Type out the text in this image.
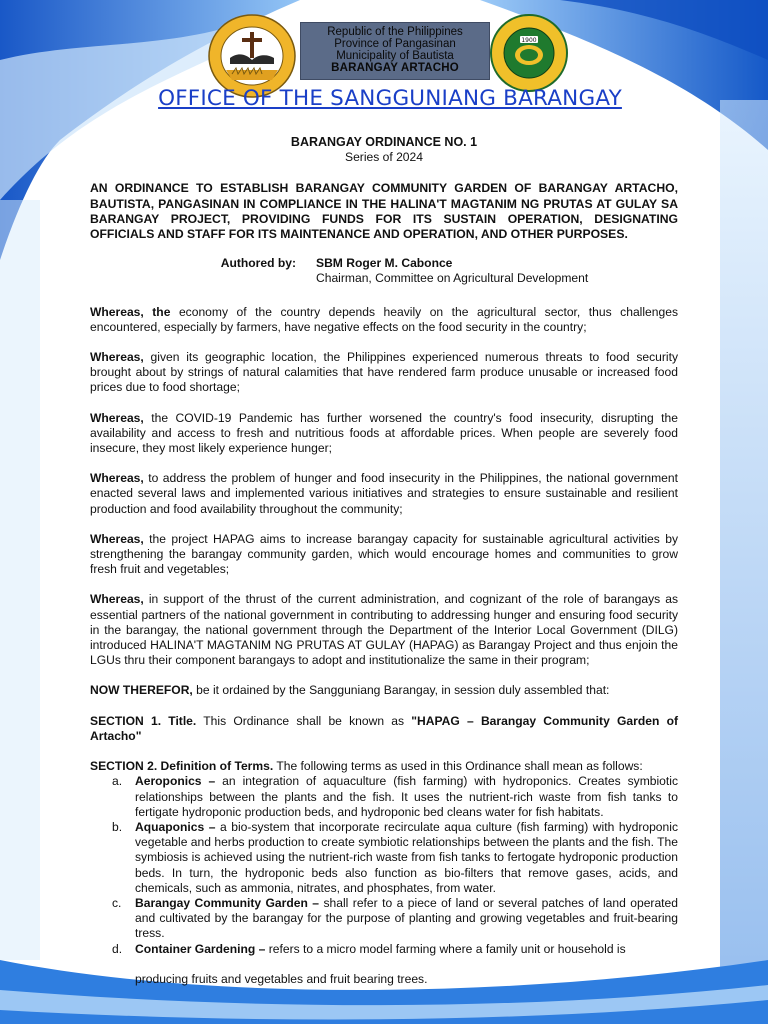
Republic of the Philippines
Province of Pangasinan
Municipality of Bautista
BARANGAY ARTACHO
1900
OFFICE OF THE SANGGUNIANG BARANGAY
BARANGAY ORDINANCE NO. 1
Series of 2024
AN ORDINANCE TO ESTABLISH BARANGAY COMMUNITY GARDEN OF BARANGAY ARTACHO, BAUTISTA, PANGASINAN IN COMPLIANCE IN THE HALINA'T MAGTANIM NG PRUTAS AT GULAY SA BARANGAY PROJECT, PROVIDING FUNDS FOR ITS SUSTAIN OPERATION, DESIGNATING OFFICIALS AND STAFF FOR ITS MAINTENANCE AND OPERATION, AND OTHER PURPOSES.
Authored by:	SBM Roger M. Cabonce
Chairman, Committee on Agricultural Development
Whereas, the economy of the country depends heavily on the agricultural sector, thus challenges encountered, especially by farmers, have negative effects on the food security in the country;
Whereas, given its geographic location, the Philippines experienced numerous threats to food security brought about by strings of natural calamities that have rendered farm produce unusable or increased food prices due to food shortage;
Whereas, the COVID-19 Pandemic has further worsened the country's food insecurity, disrupting the availability and access to fresh and nutritious foods at affordable prices. When people are severely food insecure, they most likely experience hunger;
Whereas, to address the problem of hunger and food insecurity in the Philippines, the national government enacted several laws and implemented various initiatives and strategies to ensure sustainable and resilient production and food availability throughout the community;
Whereas, the project HAPAG aims to increase barangay capacity for sustainable agricultural activities by strengthening the barangay community garden, which would encourage homes and communities to grow fresh fruit and vegetables;
Whereas, in support of the thrust of the current administration, and cognizant of the role of barangays as essential partners of the national government in contributing to addressing hunger and ensuring food security in the barangay, the national government through the Department of the Interior Local Government (DILG) introduced HALINA'T MAGTANIM NG PRUTAS AT GULAY (HAPAG) as Barangay Project and thus enjoin the LGUs thru their component barangays to adopt and institutionalize the same in their program;
NOW THEREFOR, be it ordained by the Sangguniang Barangay, in session duly assembled that:
SECTION 1. Title. This Ordinance shall be known as "HAPAG – Barangay Community Garden of Artacho"
SECTION 2. Definition of Terms. The following terms as used in this Ordinance shall mean as follows:
a.	Aeroponics – an integration of aquaculture (fish farming) with hydroponics. Creates symbiotic relationships between the plants and the fish. It uses the nutrient-rich waste from fish tanks to fertigate hydroponic production beds, and hydroponic bed cleans water for fish habitats.
b.	Aquaponics – a bio-system that incorporate recirculate aqua culture (fish farming) with hydroponic vegetable and herbs production to create symbiotic relationships between the plants and the fish. The symbiosis is achieved using the nutrient-rich waste from fish tanks to fertogate hydroponic production beds. In turn, the hydroponic beds also function as bio-filters that remove gases, acids, and chemicals, such as ammonia, nitrates, and phosphates, from water.
c.	Barangay Community Garden – shall refer to a piece of land or several patches of land operated and cultivated by the barangay for the purpose of planting and growing vegetables and fruit-bearing tress.
d.	Container Gardening – refers to a micro model farming where a family unit or household is
producing fruits and vegetables and fruit bearing trees.
